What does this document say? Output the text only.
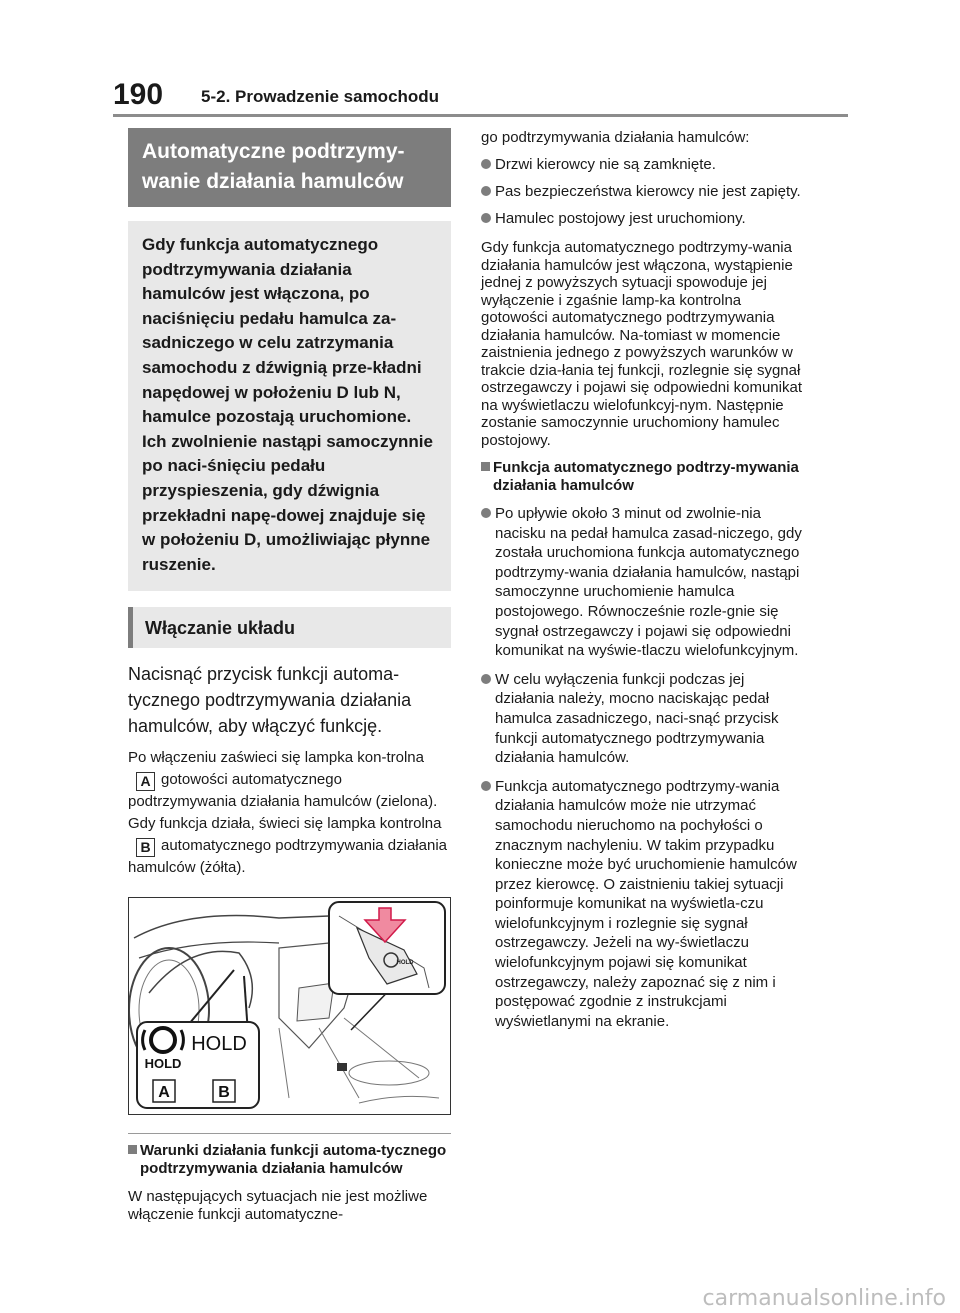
190 5-2. Prowadzenie samochodu
Automatyczne podtrzymy-wanie działania hamulców
Gdy funkcja automatycznego podtrzymywania działania hamulców jest włączona, po naciśnięciu pedału hamulca za-sadniczego w celu zatrzymania samochodu z dźwignią prze-kładni napędowej w położeniu D lub N, hamulce pozostają uruchomione. Ich zwolnienie nastąpi samoczynnie po naci-śnięciu pedału przyspieszenia, gdy dźwignia przekładni napę-dowej znajduje się w położeniu D, umożliwiając płynne ruszenie.
Włączanie układu
Nacisnąć przycisk funkcji automa-tycznego podtrzymywania działania hamulców, aby włączyć funkcję.
Po włączeniu zaświeci się lampka kon-trolnaA gotowości automatycznego podtrzymywania działania hamulców (zielona). Gdy funkcja działa, świeci się lampka kontrolnaB automatycznego podtrzymywania działania hamulców (żółta).
HOLD
HOLD
HOLD
A	B
Warunki działania funkcji automa-tycznego podtrzymywania działania hamulców
W następujących sytuacjach nie jest możliwe włączenie funkcji automatyczne-
go podtrzymywania działania hamulców:
Drzwi kierowcy nie są zamknięte.
Pas bezpieczeństwa kierowcy nie jest zapięty.
Hamulec postojowy jest uruchomiony.
Gdy funkcja automatycznego podtrzymy-wania działania hamulców jest włączona, wystąpienie jednej z powyższych sytuacji spowoduje jej wyłączenie i zgaśnie lamp-ka kontrolna gotowości automatycznego podtrzymywania działania hamulców. Na-tomiast w momencie zaistnienia jednego z powyższych warunków w trakcie dzia-łania tej funkcji, rozlegnie się sygnał ostrzegawczy i pojawi się odpowiedni komunikat na wyświetlaczu wielofunkcyj-nym. Następnie zostanie samoczynnie uruchomiony hamulec postojowy.
Funkcja automatycznego podtrzy-mywania działania hamulców
Po upływie około 3 minut od zwolnie-nia nacisku na pedał hamulca zasad-niczego, gdy została uruchomiona funkcja automatycznego podtrzymy-wania działania hamulców, nastąpi samoczynne uruchomienie hamulca postojowego. Równocześnie rozle-gnie się sygnał ostrzegawczy i pojawi się odpowiedni komunikat na wyświe-tlaczu wielofunkcyjnym.
W celu wyłączenia funkcji podczas jej działania należy, mocno naciskając pedał hamulca zasadniczego, naci-snąć przycisk funkcji automatycznego podtrzymywania działania hamulców.
Funkcja automatycznego podtrzymy-wania działania hamulców może nie utrzymać samochodu nieruchomo na pochyłości o znacznym nachyleniu. W takim przypadku konieczne może być uruchomienie hamulców przez kierowcę. O zaistnieniu takiej sytuacji poinformuje komunikat na wyświetla-czu wielofunkcyjnym i rozlegnie się sygnał ostrzegawczy. Jeżeli na wy-świetlaczu wielofunkcyjnym pojawi się komunikat ostrzegawczy, należy zapoznać się z nim i postępować zgodnie z instrukcjami wyświetlanymi na ekranie.
carmanualsonline.info
